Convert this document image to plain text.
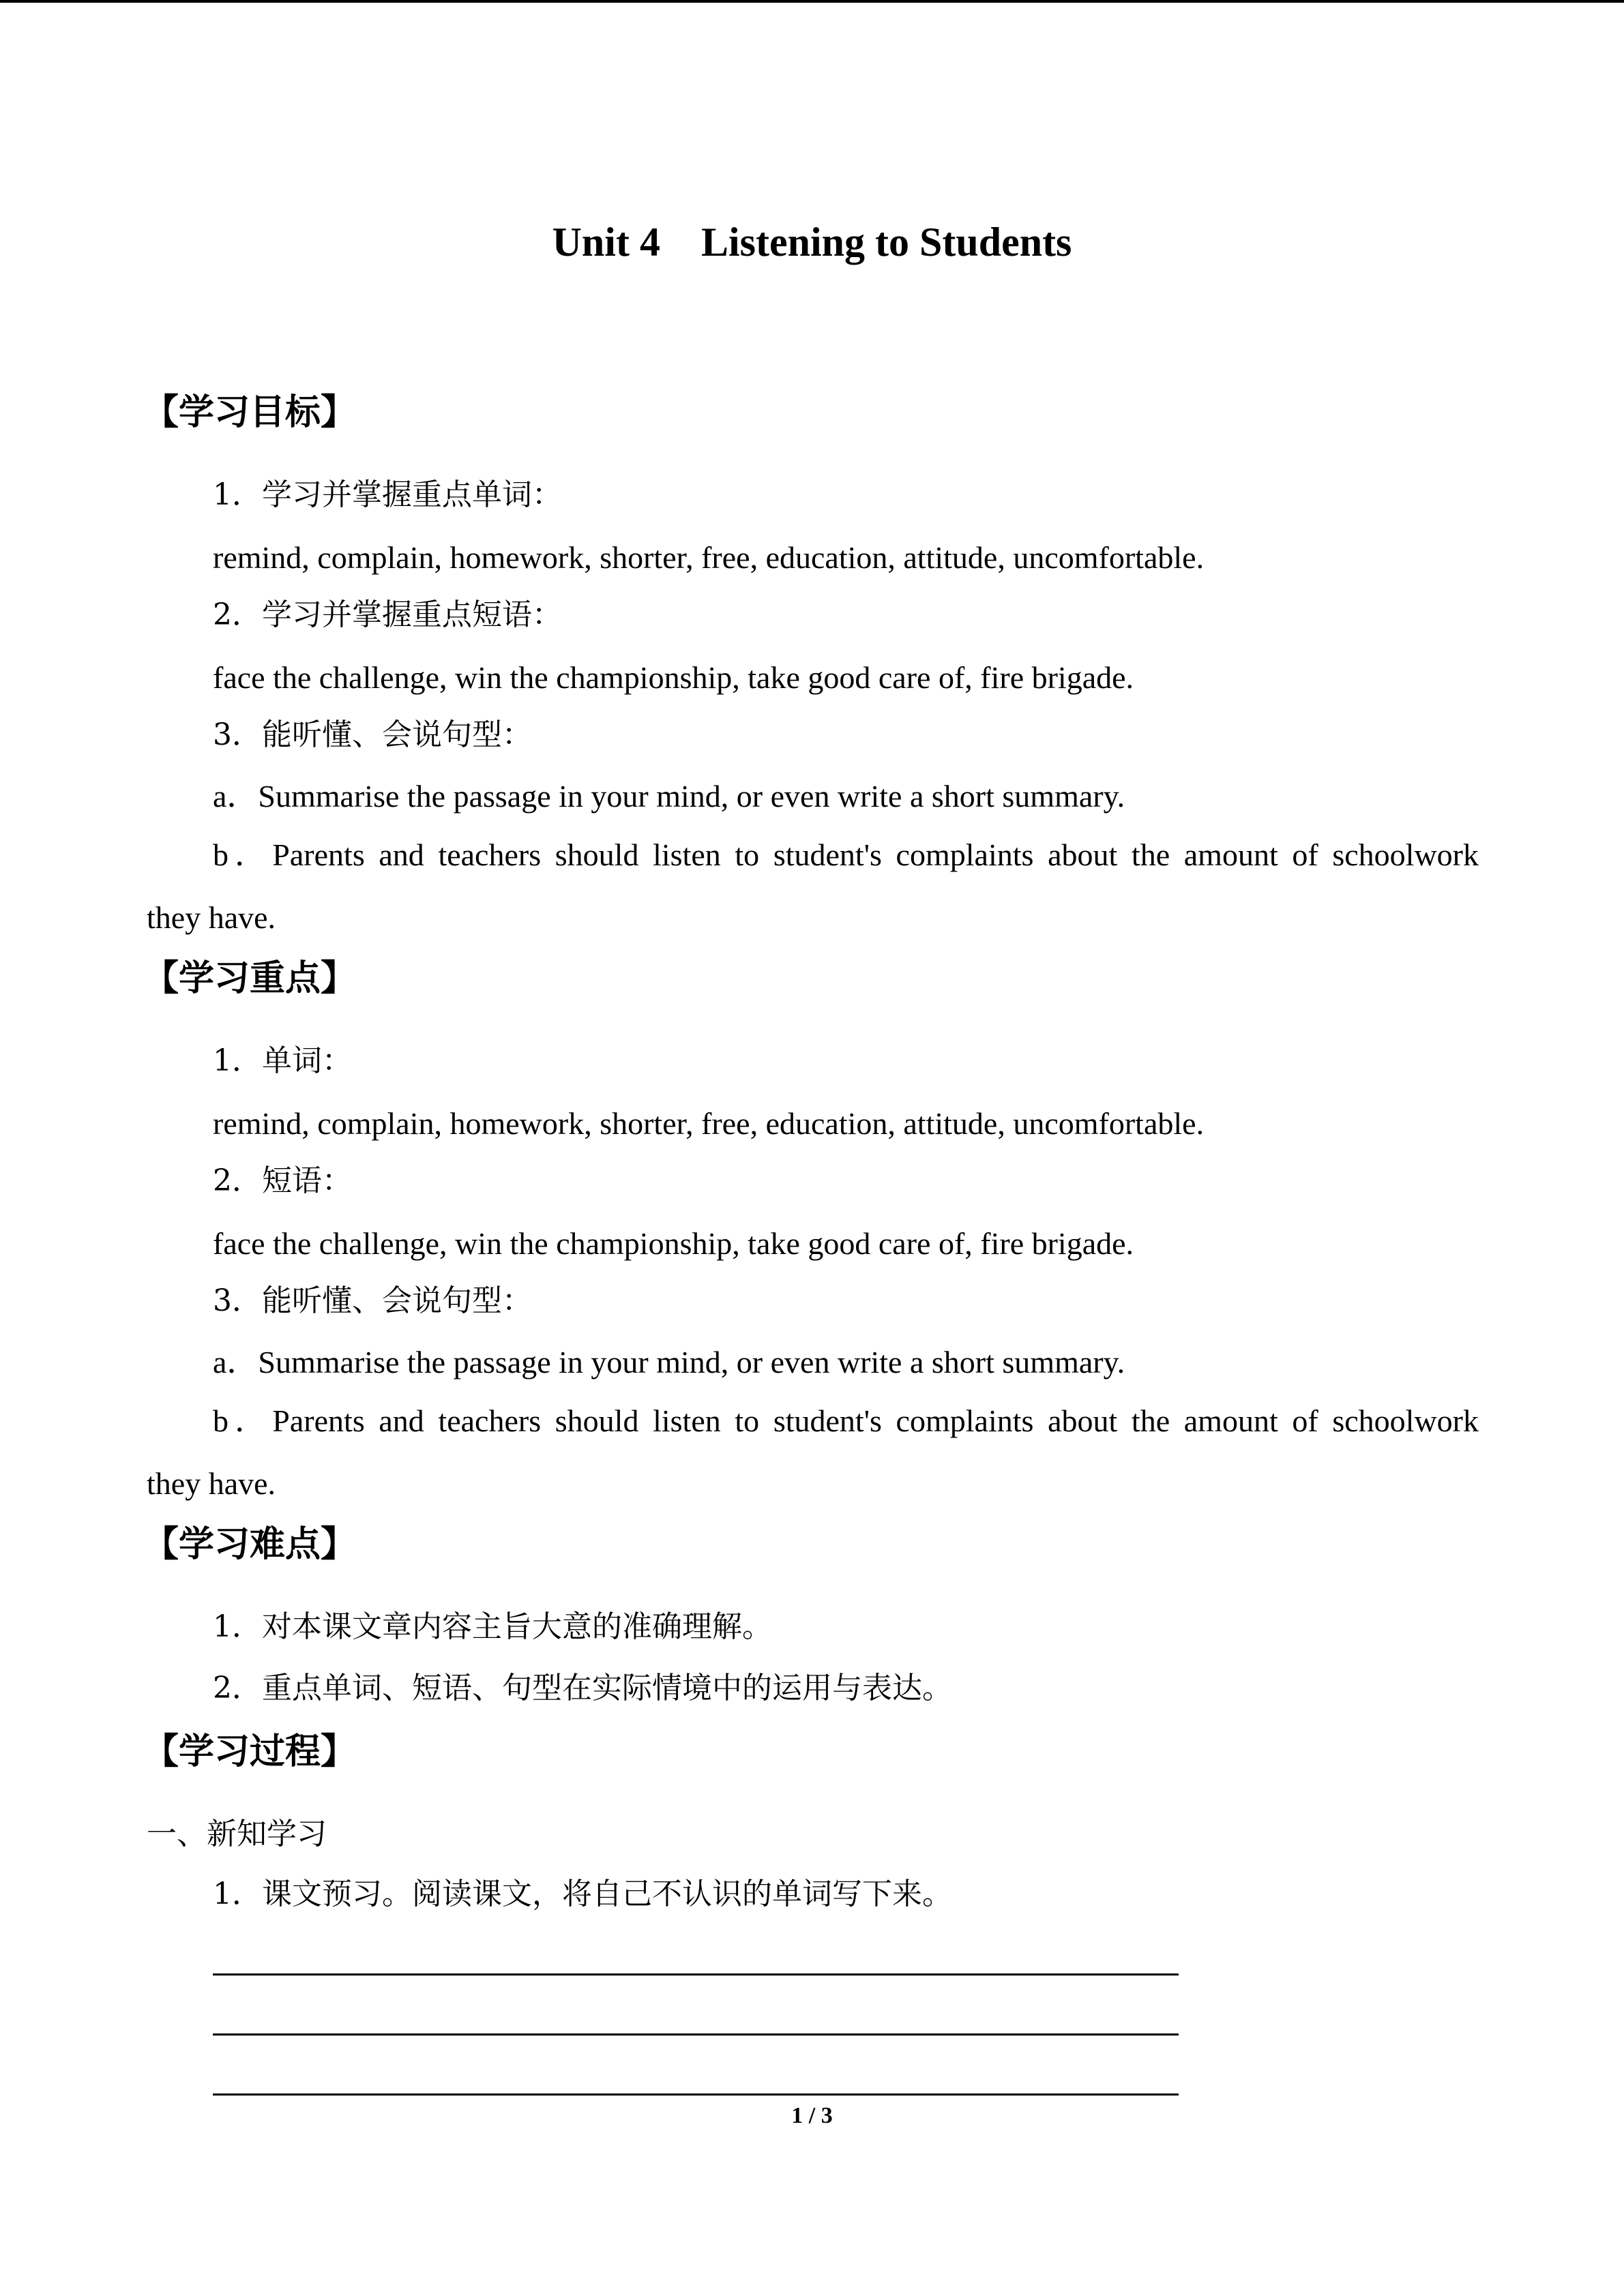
Unit 4　Listening to Students
【学习目标】
1．学习并掌握重点单词：
remind, complain, homework, shorter, free, education, attitude, uncomfortable.
2．学习并掌握重点短语：
face the challenge, win the championship, take good care of, fire brigade.
3．能听懂、会说句型：
a．Summarise the passage in your mind, or even write a short summary.
b．Parents and teachers should listen to student's complaints about the amount of schoolwork
they have.
【学习重点】
1．单词：
remind, complain, homework, shorter, free, education, attitude, uncomfortable.
2．短语：
face the challenge, win the championship, take good care of, fire brigade.
3．能听懂、会说句型：
a．Summarise the passage in your mind, or even write a short summary.
b．Parents and teachers should listen to student's complaints about the amount of schoolwork
they have.
【学习难点】
1．对本课文章内容主旨大意的准确理解。
2．重点单词、短语、句型在实际情境中的运用与表达。
【学习过程】
一、新知学习
1．课文预习。阅读课文，将自己不认识的单词写下来。
1 / 3
